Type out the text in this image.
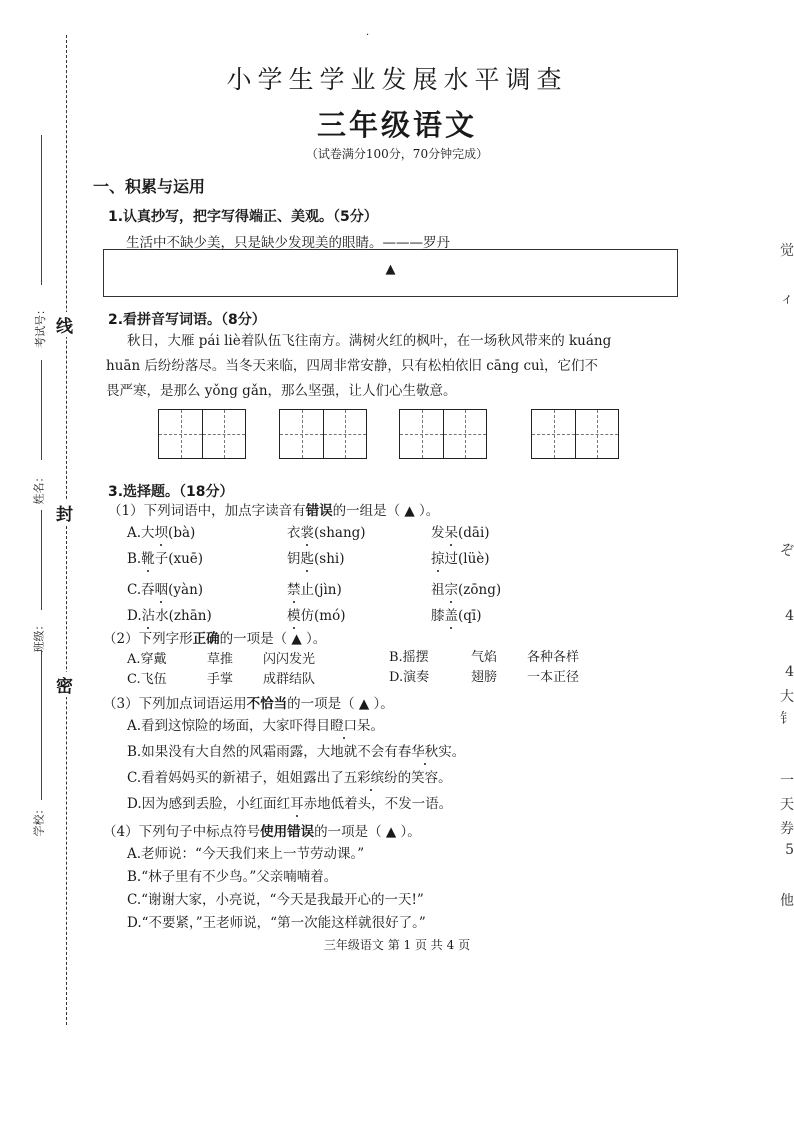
考试号：
姓名：
班级：
学校：
线
封
密
觉
ィ
ぞ
4
4
大
钅
一
天
券
5
他
·
小学生学业发展水平调查
三年级语文
（试卷满分100分，70分钟完成）
一、积累与运用
1.认真抄写，把字写得端正、美观。（5分）
生活中不缺少美，只是缺少发现美的眼睛。———罗丹
▲
2.看拼音写词语。（8分）
秋日，大雁 pái liè着队伍飞往南方。满树火红的枫叶，在一场秋风带来的 kuáng
huān 后纷纷落尽。当冬天来临，四周非常安静，只有松柏依旧 cāng cuì，它们不
畏严寒，是那么 yǒng gǎn，那么坚强，让人们心生敬意。
3.选择题。（18分）
（1）下列词语中，加点字读音有错误的一组是（ ▲ ）。
A.大坝(bà)	衣裳(shang)	发呆(dāi)
B.靴子(xuē)	钥匙(shi)	掠过(lüè)
C.吞咽(yàn)	禁止(jìn)	祖宗(zōng)
D.沾水(zhān)	模仿(mó)	膝盖(qī)
（2）下列字形正确的一项是（ ▲ ）。
A.穿戴	草推 闪闪发光	B.摇摆	气焰 各种各样
C.飞伍	手掌 成群结队	D.演奏	翅膀 一本正径
（3）下列加点词语运用不恰当的一项是（ ▲ ）。
A.看到这惊险的场面，大家吓得目瞪口呆。
B.如果没有大自然的风霜雨露，大地就不会有春华秋实。
C.看着妈妈买的新裙子，姐姐露出了五彩缤纷的笑容。
D.因为感到丢脸，小红面红耳赤地低着头，不发一语。
（4）下列句子中标点符号使用错误的一项是（ ▲ ）。
A.老师说：“今天我们来上一节劳动课。”
B.“林子里有不少鸟。”父亲喃喃着。
C.“谢谢大家，小亮说，“今天是我最开心的一天!”
D.“不要紧，”王老师说，“第一次能这样就很好了。”
三年级语文 第 1 页 共 4 页
